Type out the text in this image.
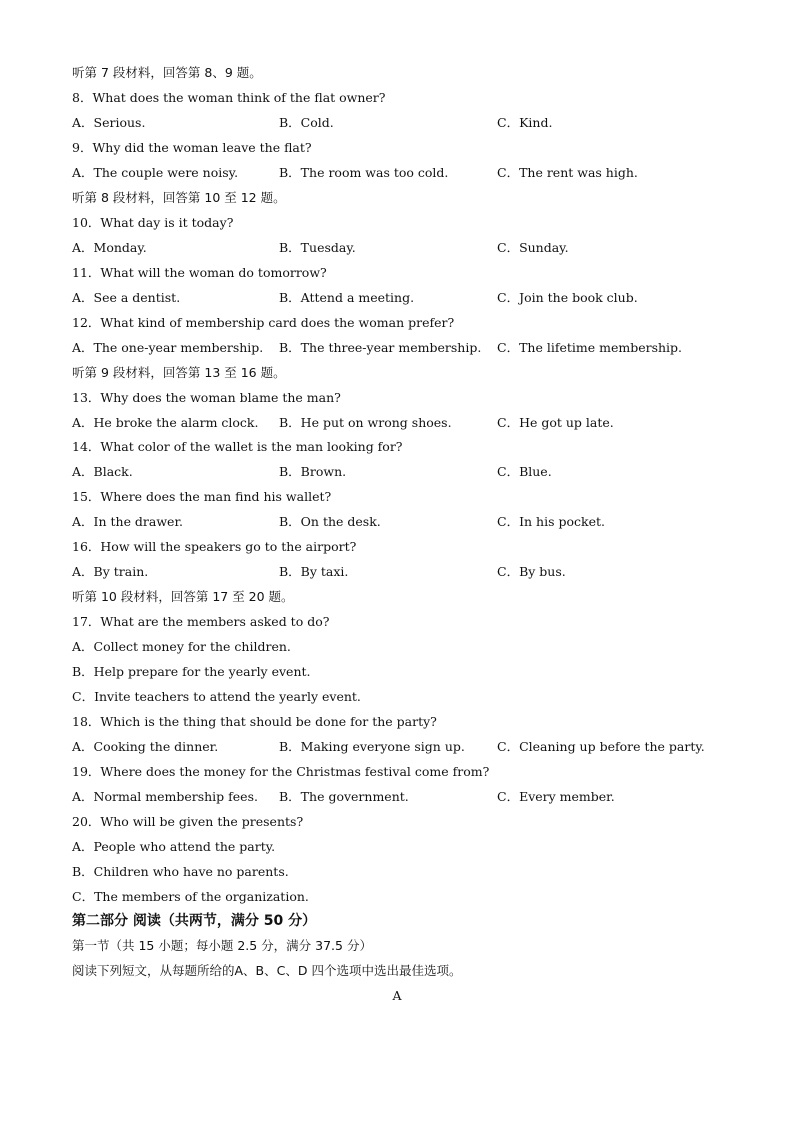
听第 7 段材料，回答第 8、9 题。
8．What does the woman think of the flat owner?
A．Serious.	B．Cold.	C．Kind.
9．Why did the woman leave the flat?
A．The couple were noisy.	B．The room was too cold.	C．The rent was high.
听第 8 段材料，回答第 10 至 12 题。
10．What day is it today?
A．Monday.	B．Tuesday.	C．Sunday.
11．What will the woman do tomorrow?
A．See a dentist.	B．Attend a meeting.	C．Join the book club.
12．What kind of membership card does the woman prefer?
A．The one-year membership. B．The three-year membership. C．The lifetime membership.
听第 9 段材料，回答第 13 至 16 题。
13．Why does the woman blame the man?
A．He broke the alarm clock. B．He put on wrong shoes.	C．He got up late.
14．What color of the wallet is the man looking for?
A．Black.	B．Brown.	C．Blue.
15．Where does the man find his wallet?
A．In the drawer.	B．On the desk.	C．In his pocket.
16．How will the speakers go to the airport?
A．By train.	B．By taxi.	C．By bus.
听第 10 段材料，回答第 17 至 20 题。
17．What are the members asked to do?
A．Collect money for the children.
B．Help prepare for the yearly event.
C．Invite teachers to attend the yearly event.
18．Which is the thing that should be done for the party?
A．Cooking the dinner.	B．Making everyone sign up.	C．Cleaning up before the party.
19．Where does the money for the Christmas festival come from?
A．Normal membership fees. B．The government.	C．Every member.
20．Who will be given the presents?
A．People who attend the party.
B．Children who have no parents.
C．The members of the organization.
第二部分 阅读（共两节，满分 50 分）
第一节（共 15 小题；每小题 2.5 分，满分 37.5 分）
阅读下列短文，从每题所给的A、B、C、D 四个选项中选出最佳选项。
A
